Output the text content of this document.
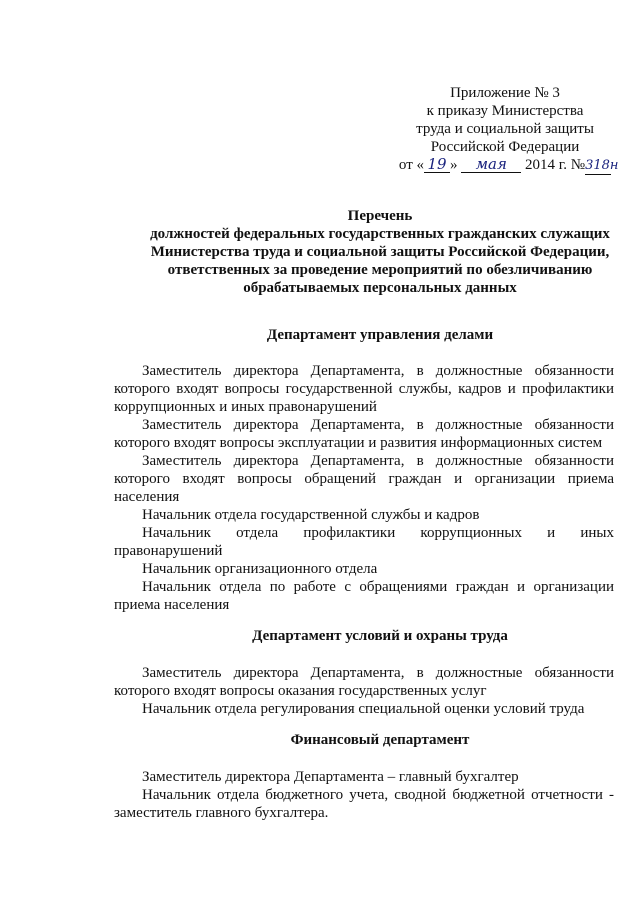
Приложение № 3
к приказу Министерства
труда и социальной защиты
Российской Федерации
от « 19 » мая 2014 г. №318н
Перечень
должностей федеральных государственных гражданских служащих
Министерства труда и социальной защиты Российской Федерации,
ответственных за проведение мероприятий по обезличиванию
обрабатываемых персональных данных
Департамент управления делами
Заместитель директора Департамента, в должностные обязанности которого входят вопросы государственной службы, кадров и профилактики коррупционных и иных правонарушений
Заместитель директора Департамента, в должностные обязанности которого входят вопросы эксплуатации и развития информационных систем
Заместитель директора Департамента, в должностные обязанности которого входят вопросы обращений граждан и организации приема населения
Начальник отдела государственной службы и кадров
Начальник отдела профилактики коррупционных и иных правонарушений
Начальник организационного отдела
Начальник отдела по работе с обращениями граждан и организации приема населения
Департамент условий и охраны труда
Заместитель директора Департамента, в должностные обязанности которого входят вопросы оказания государственных услуг
Начальник отдела регулирования специальной оценки условий труда
Финансовый департамент
Заместитель директора Департамента – главный бухгалтер
Начальник отдела бюджетного учета, сводной бюджетной отчетности - заместитель главного бухгалтера.
